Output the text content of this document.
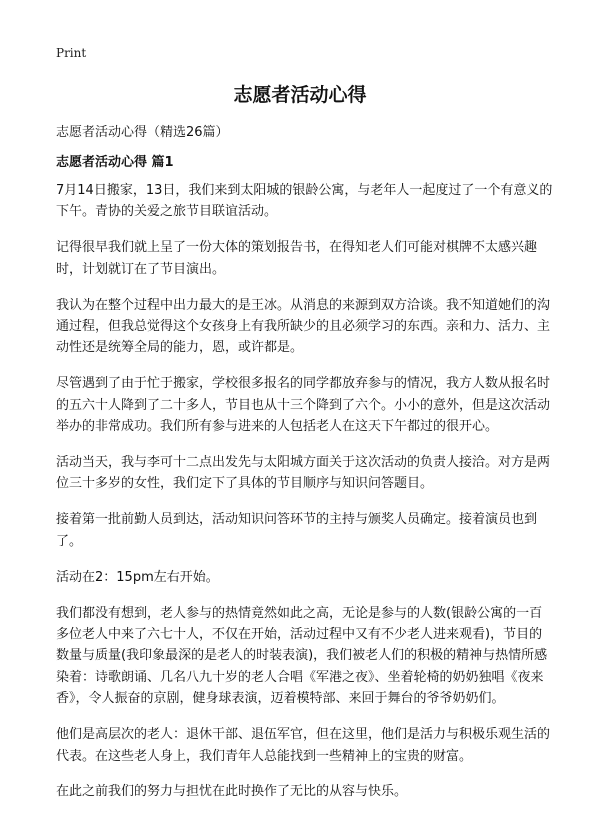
Print
志愿者活动心得
志愿者活动心得（精选26篇）
志愿者活动心得 篇1

7月14日搬家，13日，我们来到太阳城的银龄公寓，与老年人一起度过了一个有意义的下午。青协的关爱之旅节目联谊活动。

记得很早我们就上呈了一份大体的策划报告书，在得知老人们可能对棋牌不太感兴趣时，计划就订在了节目演出。

我认为在整个过程中出力最大的是王冰。从消息的来源到双方洽谈。我不知道她们的沟通过程，但我总觉得这个女孩身上有我所缺少的且必须学习的东西。亲和力、活力、主动性还是统筹全局的能力，恩，或许都是。

尽管遇到了由于忙于搬家，学校很多报名的同学都放弃参与的情况，我方人数从报名时的五六十人降到了二十多人，节目也从十三个降到了六个。小小的意外，但是这次活动举办的非常成功。我们所有参与进来的人包括老人在这天下午都过的很开心。

活动当天，我与李可十二点出发先与太阳城方面关于这次活动的负责人接洽。对方是两位三十多岁的女性，我们定下了具体的节目顺序与知识问答题目。

接着第一批前勤人员到达，活动知识问答环节的主持与颁奖人员确定。接着演员也到了。

活动在2：15pm左右开始。

我们都没有想到，老人参与的热情竟然如此之高，无论是参与的人数(银龄公寓的一百多位老人中来了六七十人，不仅在开始，活动过程中又有不少老人进来观看)，节目的数量与质量(我印象最深的是老人的时装表演)，我们被老人们的积极的精神与热情所感染着：诗歌朗诵、几名八九十岁的老人合唱《军港之夜》、坐着轮椅的奶奶独唱《夜来香》，令人振奋的京剧，健身球表演，迈着模特部、来回于舞台的爷爷奶奶们。

他们是高层次的老人：退休干部、退伍军官，但在这里，他们是活力与积极乐观生活的代表。在这些老人身上，我们青年人总能找到一些精神上的宝贵的财富。

在此之前我们的努力与担忧在此时换作了无比的从容与快乐。
